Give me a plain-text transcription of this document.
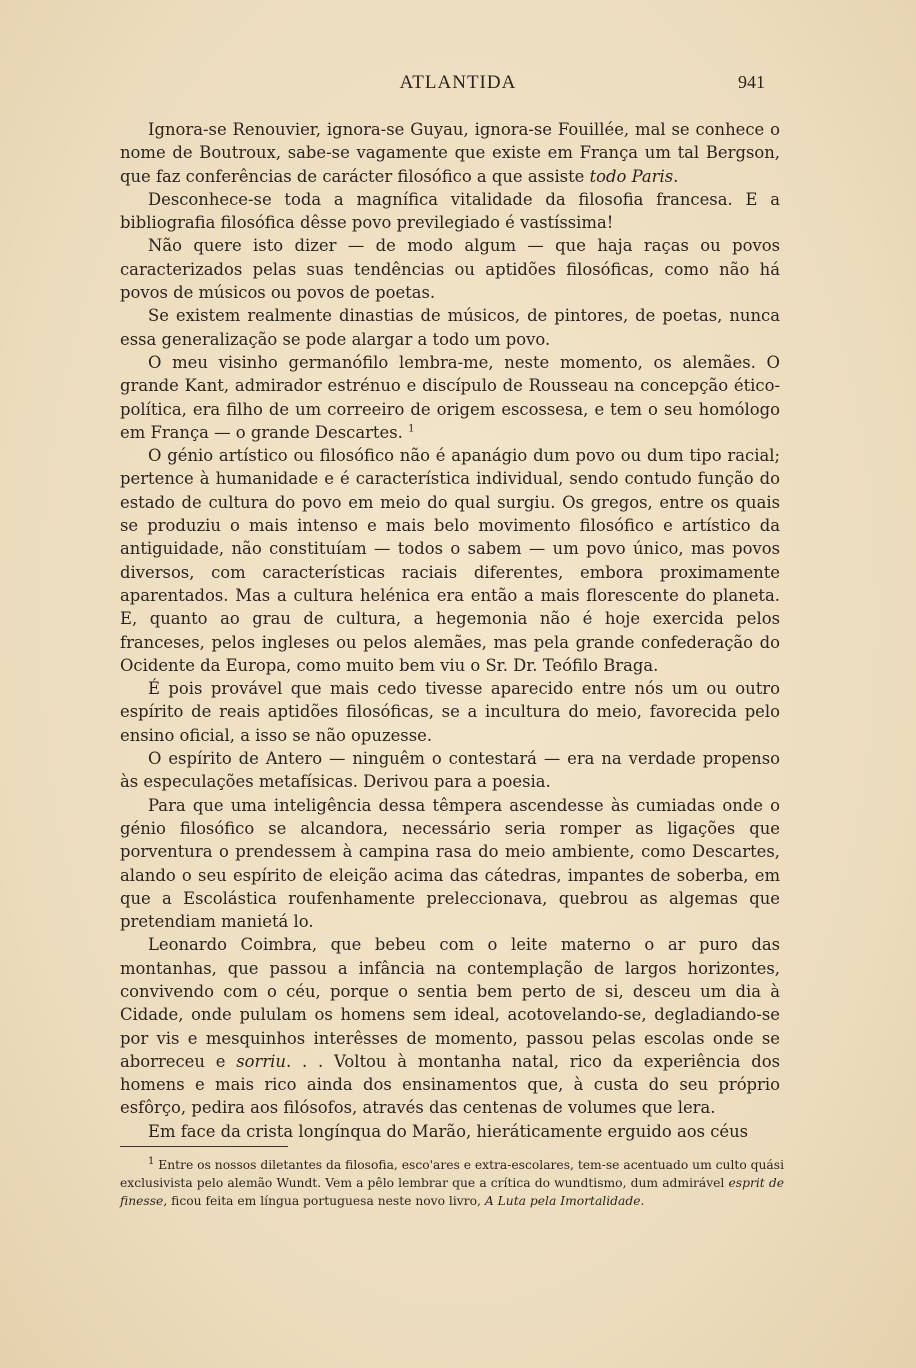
ATLANTIDA	941

Ignora-se Renouvier, ignora-se Guyau, ignora-se Fouillée, mal se conhece o nome de Boutroux, sabe-se vagamente que existe em França um tal Bergson, que faz conferências de carácter filosófico a que assiste todo Paris.

Desconhece-se toda a magnífica vitalidade da filosofia francesa. E a bibliografia filosófica dêsse povo previlegiado é vastíssima!

Não quere isto dizer — de modo algum — que haja raças ou povos caracterizados pelas suas tendências ou aptidões filosóficas, como não há povos de músicos ou povos de poetas.

Se existem realmente dinastias de músicos, de pintores, de poetas, nunca essa generalização se pode alargar a todo um povo.

O meu visinho germanófilo lembra-me, neste momento, os alemães. O grande Kant, admirador estrénuo e discípulo de Rousseau na concepção ético-política, era filho de um correeiro de origem escossesa, e tem o seu homólogo em França — o grande Descartes. $^1$

O génio artístico ou filosófico não é apanágio dum povo ou dum tipo racial; pertence à humanidade e é característica individual, sendo contudo função do estado de cultura do povo em meio do qual surgiu. Os gregos, entre os quais se produziu o mais intenso e mais belo movimento filosófico e artístico da antiguidade, não constituíam — todos o sabem — um povo único, mas povos diversos, com características raciais diferentes, embora proximamente aparentados. Mas a cultura helénica era então a mais florescente do planeta. E, quanto ao grau de cultura, a hegemonia não é hoje exercida pelos franceses, pelos ingleses ou pelos alemães, mas pela grande confederação do Ocidente da Europa, como muito bem viu o Sr. Dr. Teófilo Braga.

É pois provável que mais cedo tivesse aparecido entre nós um ou outro espírito de reais aptidões filosóficas, se a incultura do meio, favorecida pelo ensino oficial, a isso se não opuzesse.

O espírito de Antero — ninguêm o contestará — era na verdade propenso às especulações metafísicas. Derivou para a poesia.

Para que uma inteligência dessa têmpera ascendesse às cumiadas onde o génio filosófico se alcandora, necessário seria romper as ligações que porventura o prendessem à campina rasa do meio ambiente, como Descartes, alando o seu espírito de eleição acima das cátedras, impantes de soberba, em que a Escolástica roufenhamente preleccionava, quebrou as algemas que pretendiam manietá lo.

Leonardo Coimbra, que bebeu com o leite materno o ar puro das montanhas, que passou a infância na contemplação de largos horizontes, convivendo com o céu, porque o sentia bem perto de si, desceu um dia à Cidade, onde pululam os homens sem ideal, acotovelando-se, degladiando-se por vis e mesquinhos interêsses de momento, passou pelas escolas onde se aborreceu e sorriu. . . Voltou à montanha natal, rico da experiência dos homens e mais rico ainda dos ensinamentos que, à custa do seu próprio esfôrço, pedira aos filósofos, através das centenas de volumes que lera.

Em face da crista longínqua do Marão, hieráticamente erguido aos céus

$^1$ Entre os nossos diletantes da filosofia, esco'ares e extra-escolares, tem-se acentuado um culto quási exclusivista pelo alemão Wundt. Vem a pêlo lembrar que a crítica do wundtismo, dum admirável esprit de finesse, ficou feita em língua portuguesa neste novo livro, A Luta pela Imortalidade.
